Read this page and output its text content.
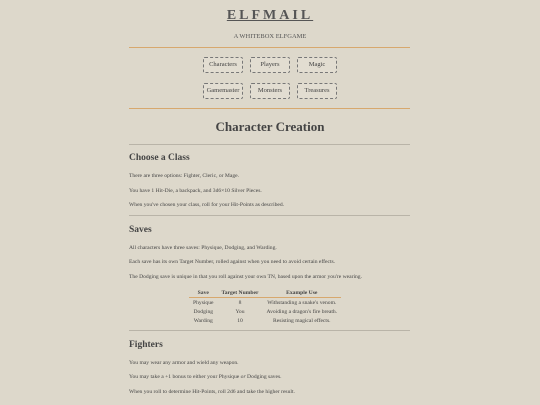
ELFMAIL
A WHITEBOX ELFGAME
Characters	Players	Magic
Gamemaster	Monsters	Treasures
Character Creation
Choose a Class

There are three options: Fighter, Cleric, or Mage.

You have 1 Hit-Die, a backpack, and 3d6×10 Silver Pieces.

When you've chosen your class, roll for your Hit-Points as described.

Saves

All characters have three saves: Physique, Dodging, and Warding.

Each save has its own Target Number, rolled against when you need to avoid certain effects.

The Dodging save is unique in that you roll against your own TN, based upon the armor you're wearing.

Save	Target Number	Example Use
Physique	8	Withstanding a snake's venom.
Dodging	You	Avoiding a dragon's fire breath.
Warding	10	Resisting magical effects.
Fighters

You may wear any armor and wield any weapon.

You may take a +1 bonus to either your Physique or Dodging saves.

When you roll to determine Hit-Points, roll 2d6 and take the higher result.
